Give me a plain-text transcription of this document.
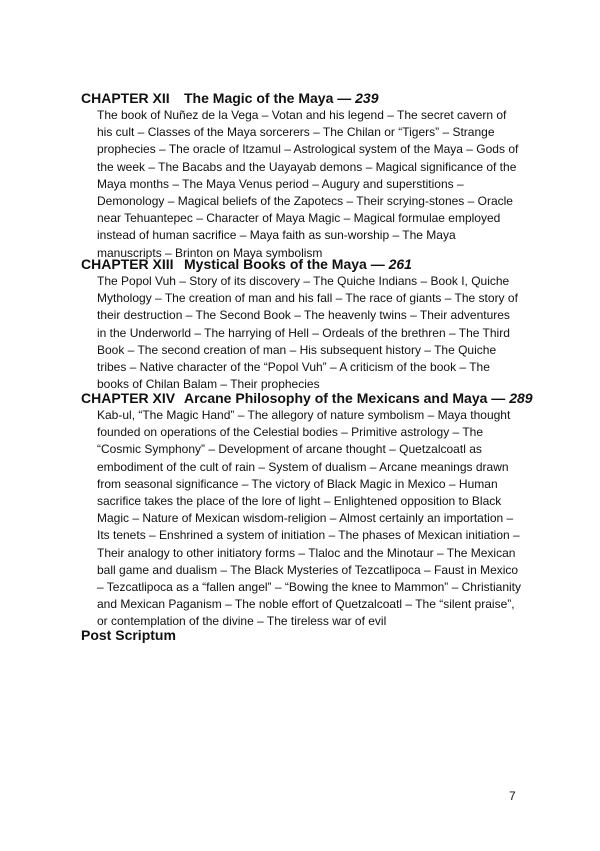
CHAPTER XII The Magic of the Maya — 239
The book of Nuñez de la Vega – Votan and his legend – The secret cavern of his cult – Classes of the Maya sorcerers – The Chilan or “Tigers” – Strange prophecies – The oracle of Itzamul – Astrological system of the Maya – Gods of the week – The Bacabs and the Uayayab demons – Magical significance of the Maya months – The Maya Venus period – Augury and superstitions – Demonology – Magical beliefs of the Zapotecs – Their scrying-stones – Oracle near Tehuantepec – Character of Maya Magic – Magical formulae employed instead of human sacrifice – Maya faith as sun-worship – The Maya manuscripts – Brinton on Maya symbolism
CHAPTER XIII Mystical Books of the Maya — 261
The Popol Vuh – Story of its discovery – The Quiche Indians – Book I, Quiche Mythology – The creation of man and his fall – The race of giants – The story of their destruction – The Second Book – The heavenly twins – Their adventures in the Underworld – The harrying of Hell – Ordeals of the brethren – The Third Book – The second creation of man – His subsequent history – The Quiche tribes – Native character of the “Popol Vuh” – A criticism of the book – The books of Chilan Balam – Their prophecies
CHAPTER XIV Arcane Philosophy of the Mexicans and Maya — 289
Kab-ul, “The Magic Hand” – The allegory of nature symbolism – Maya thought founded on operations of the Celestial bodies – Primitive astrology – The “Cosmic Symphony” – Development of arcane thought – Quetzalcoatl as embodiment of the cult of rain – System of dualism – Arcane meanings drawn from seasonal significance – The victory of Black Magic in Mexico – Human sacrifice takes the place of the lore of light – Enlightened opposition to Black Magic – Nature of Mexican wisdom-religion – Almost certainly an importation – Its tenets – Enshrined a system of initiation – The phases of Mexican initiation – Their analogy to other initiatory forms – Tlaloc and the Minotaur – The Mexican ball game and dualism – The Black Mysteries of Tezcatlipoca – Faust in Mexico – Tezcatlipoca as a “fallen angel” – “Bowing the knee to Mammon” – Christianity and Mexican Paganism – The noble effort of Quetzalcoatl – The “silent praise”, or contemplation of the divine – The tireless war of evil
Post Scriptum
7
